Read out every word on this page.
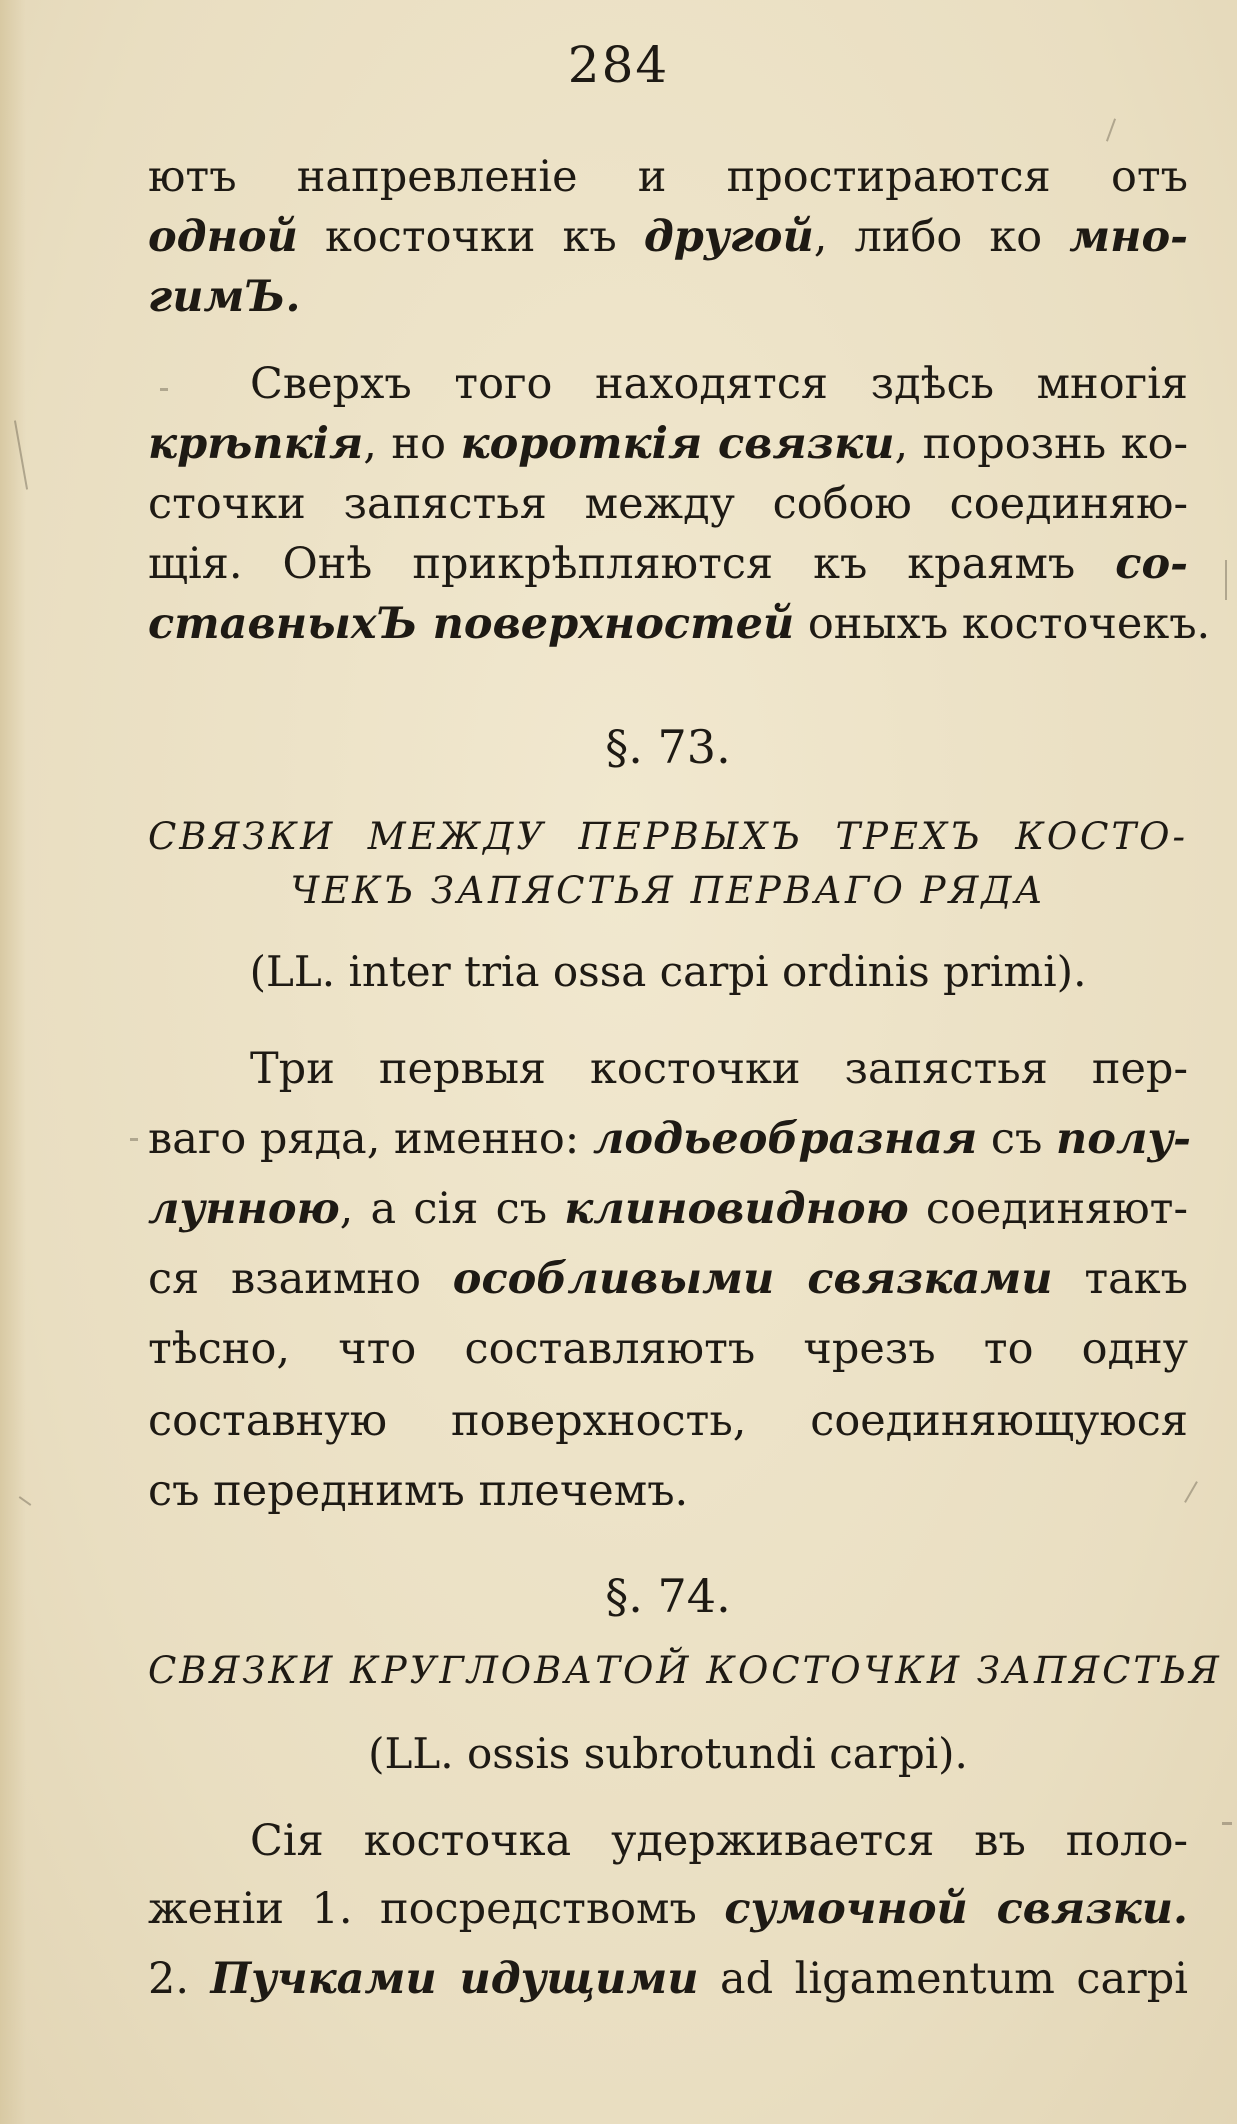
284
ютъ напревленіе и простираются отъ
одной косточки къ другой, либо ко мно-
гимЪ.
Сверхъ того находятся здѣсь многія
крѣпкія, но короткія связки, порознь ко-
сточки запястья между собою соединяю-
щія. Онѣ прикрѣпляются къ краямъ со-
ставныхЪ поверхностей оныхъ косточекъ.
§. 73.
СВЯЗКИ МЕЖДУ ПЕРВЫХЪ ТРЕХЪ КОСТО-
ЧЕКЪ ЗАПЯСТЬЯ ПЕРВАГО РЯДА
(LL. inter tria ossa carpi ordinis primi).
Три первыя косточки запястья пер-
ваго ряда, именно: лодьеобразная съ полу-
лунною, а сія съ клиновидною соединяют-
ся взаимно особливыми связками такъ
тѣсно, что составляютъ чрезъ то одну
составную поверхность, соединяющуюся
съ переднимъ плечемъ.
§. 74.
СВЯЗКИ КРУГЛОВАТОЙ КОСТОЧКИ ЗАПЯСТЬЯ
(LL. ossis subrotundi carpi).
Сія косточка удерживается въ поло-
женіи 1. посредствомъ сумочной связки.
2. Пучками идущими ad ligamentum carpi
